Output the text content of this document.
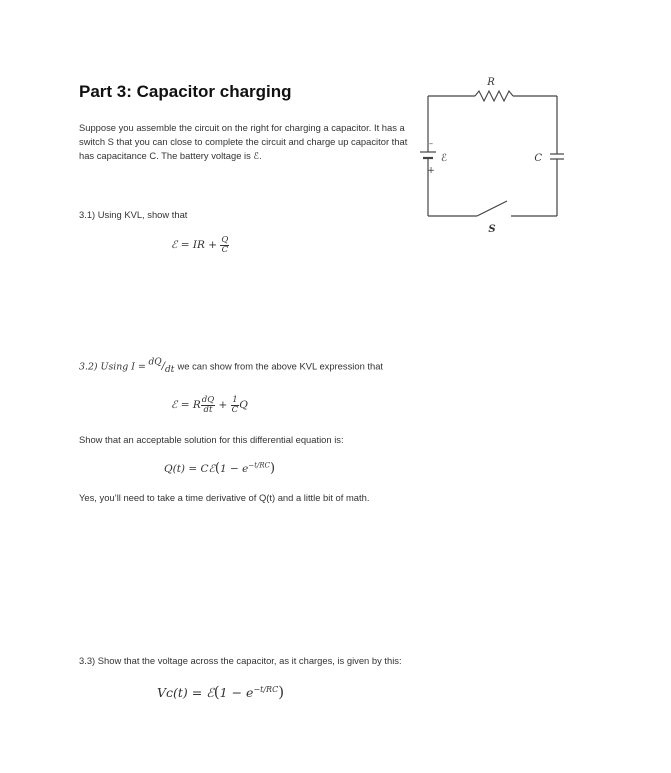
Part 3: Capacitor charging
Suppose you assemble the circuit on the right for charging a capacitor. It has a switch S that you can close to complete the circuit and charge up capacitor that has capacitance C. The battery voltage is ℰ.
R
ℰ
–
+
C
S
3.1) Using KVL, show that
ℰ = IR + $\frac{Q}{C}$
3.2) Using I = dQ/dt we can show from the above KVL expression that
ℰ = R $\frac{dQ}{dt} + \frac{1}{C}$ Q
Show that an acceptable solution for this differential equation is:
Q(t) = Cℰ(1 − $e^{-t/RC}$)
Yes, you’ll need to take a time derivative of Q(t) and a little bit of math.
3.3) Show that the voltage across the capacitor, as it charges, is given by this:
Vᴄ(t) = ℰ(1 − $e^{-t/RC}$)
